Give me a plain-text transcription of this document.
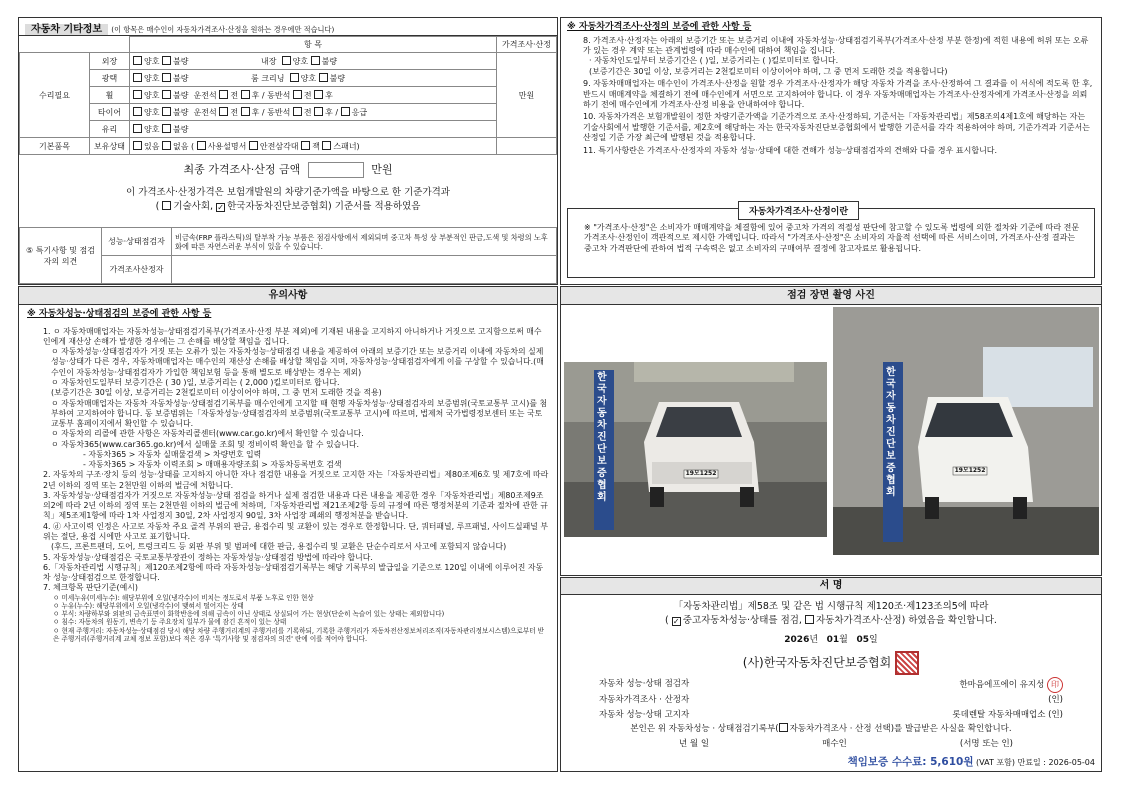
자동차 기타정보 (이 항목은 매수인이 자동차가격조사·산정을 원하는 경우에만 적습니다)
		항 목	가격조사·산정
수리필요	외장	양호 불량 내장 양호 불량	만원
	광택	양호 불량 룸 크리닝 양호 불량	
	휠	양호 불량 운전석 전 후 / 동반석 전 후	
	타이어	양호 불량 운전석 전 후 / 동반석 전 후 / 응급	
	유리	양호 불량	
기본품목	보유상태	있음 없음 ( 사용설명서 안전삼각대 잭 스패너)	
최종 가격조사·산정 금액	만원
이 가격조사·산정가격은 보험개발원의 차량기준가액을 바탕으로 한 기준가격과
( 기술사회, ✓ 한국자동차진단보증협회) 기준서를 적용하였음
⑤ 특기사항 및 점검자의 의견	성능·상태점검자	비금속(FRP 플라스틱)의 탈부착 가능 부품은 점검사항에서 제외되며 중고차 특성 상 부분적인 판금,도색 및 차령의 노후화에 따른 자연스러운 부식이 있을 수 있습니다.
	가격조사산정자	
※ 자동차가격조사·산정의 보증에 관한 사항 등
8. 가격조사·산정자는 아래의 보증기간 또는 보증거리 이내에 자동차성능·상태점검기록부(가격조사·산정 부분 한정)에 적힌 내용에 허위 또는 오류가 있는 경우 계약 또는 관계법령에 따라 매수인에 대하여 책임을 집니다.
· 자동차인도일부터 보증기간은 ( )일, 보증거리는 ( )킬로미터로 합니다.
(보증기간은 30일 이상, 보증거리는 2천킬로미터 이상이어야 하며, 그 중 먼저 도래한 것을 적용합니다)
9. 자동차매매업자는 매수인이 가격조사·산정을 원할 경우 가격조사·산정자가 해당 자동차 가격을 조사·산정하여 그 결과를 이 서식에 적도록 한 후, 반드시 매매계약을 체결하기 전에 매수인에게 서면으로 고지하여야 합니다. 이 경우 자동차매매업자는 가격조사·산정자에게 가격조사·산정을 의뢰하기 전에 매수인에게 가격조사·산정 비용을 안내하여야 합니다.
10. 자동차가격은 보험개발원이 정한 차량기준가액을 기준가격으로 조사·산정하되, 기준서는「자동차관리법」제58조의4제1호에 해당하는 자는 기술사회에서 발행한 기준서를, 제2호에 해당하는 자는 한국자동차진단보증협회에서 발행한 기준서를 각각 적용하여야 하며, 기준가격과 기준서는 산정일 기준 가장 최근에 발행된 것을 적용합니다.
11. 특기사항란은 가격조사·산정자의 자동차 성능·상태에 대한 견해가 성능·상태점검자의 견해와 다를 경우 표시합니다.
자동차가격조사·산정이란
※ "가격조사·산정"은 소비자가 매매계약을 체결함에 있어 중고차 가격의 적절성 판단에 참고할 수 있도록 법령에 의한 절차와 기준에 따라 전문 가격조사·산정인이 객관적으로 제시한 가액입니다. 따라서 "가격조사·산정"은 소비자의 자율적 선택에 따른 서비스이며, 가격조사·산정 결과는 중고차 가격판단에 관하여 법적 구속력은 없고 소비자의 구매여부 결정에 참고자료로 활용됩니다.
유의사항
※ 자동차성능·상태점검의 보증에 관한 사항 등
1. ㅇ 자동차매매업자는 자동차성능·상태점검기록부(가격조사·산정 부분 제외)에 기재된 내용을 고지하지 아니하거나 거짓으로 고지함으로써 매수인에게 재산상 손해가 발생한 경우에는 그 손해를 배상할 책임을 집니다.
ㅇ 자동차성능·상태점검자가 거짓 또는 오류가 있는 자동차성능·상태점검 내용을 제공하여 아래의 보증기간 또는 보증거리 이내에 자동차의 실제 성능·상태가 다른 경우, 자동차매매업자는 매수인의 재산상 손해를 배상할 책임을 지며, 자동차성능·상태점검자에게 이를 구상할 수 있습니다.(매수인이 자동차성능·상태점검자가 가입한 책임보험 등을 통해 별도로 배상받는 경우는 제외)
ㅇ 자동차인도일부터 보증기간은 ( 30 )일, 보증거리는 ( 2,000 )킬로미터로 합니다.
(보증기간은 30일 이상, 보증거리는 2천킬로미터 이상이어야 하며, 그 중 먼저 도래한 것을 적용)
ㅇ 자동차매매업자는 자동차 자동차성능·상태점검기록부를 매수인에게 고지할 때 현행 자동차성능·상태점검자의 보증범위(국토교통부 고시)를 첨부하여 고지하여야 합니다. 동 보증범위는「자동차성능·상태점검자의 보증범위(국토교통부 고시)에 따르며, 법제처 국가법령정보센터 또는 국토교통부 홈페이지에서 확인할 수 있습니다.
ㅇ 자동차의 리콜에 관한 사항은 자동차리콜센터(www.car.go.kr)에서 확인할 수 있습니다.
ㅇ 자동차365(www.car365.go.kr)에서 실매물 조회 및 정비이력 확인을 할 수 있습니다.
- 자동차365 > 자동차 실매물검색 > 차량번호 입력
- 자동차365 > 자동차 이력조회 > 매매용자량조회 > 자동차등록번호 검색
2. 자동차의 구조·장치 등의 성능·상태를 고지하지 아니한 자나 점검한 내용을 거짓으로 고지한 자는「자동차관리법」제80조제6호 및 제7호에 따라 2년 이하의 징역 또는 2천만원 이하의 벌금에 처합니다.
3. 자동차성능·상태점검자가 거짓으로 자동차성능·상태 점검을 하거나 실제 점검한 내용과 다른 내용을 제공한 경우「자동차관리법」제80조제9조의2에 따라 2년 이하의 징역 또는 2천만원 이하의 벌금에 처하며,「자동차관리법 제21조제2항 등의 규정에 따른 행정처분의 기준과 절차에 관한 규칙」제5조제1항에 따라 1차 사업정지 30일, 2차 사업정지 90일, 3차 사업장 폐쇄의 행정처분을 받습니다.
4. ⓓ 사고이력 인정은 사고로 자동차 주요 골격 부위의 판금, 용접수리 및 교환이 있는 경우로 한정합니다. 단, 쿼터패널, 루프패널, 사이드실패널 부위는 절단, 용접 시에만 사고로 표기합니다.
(후드, 프론트펜더, 도어, 트렁크리드 등 외판 부위 및 범퍼에 대한 판금, 용접수리 및 교환은 단순수리로서 사고에 포함되지 않습니다)
5. 자동차성능·상태점검은 국토교통부장관이 정하는 자동차성능·상태점검 방법에 따라야 합니다.
6.「자동차관리법 시행규칙」제120조제2항에 따라 자동차성능·상태점검기록부는 해당 기록부의 발급일을 기준으로 120일 이내에 이루어진 자동차 성능·상태점검으로 한정합니다.
7. 체크항목 판단기준(예시)
ㅇ 미세누유(미세누수): 해당부위에 오일(냉각수)이 비치는 정도로서 부품 노후로 인한 현상
ㅇ 누유(누수): 해당부위에서 오일(냉각수)이 맺혀서 떨어지는 상태
ㅇ 부식: 차량하부와 외판의 금속표면이 화학반응에 의해 금속이 아닌 상태로 상실되어 가는 현상(단순히 녹슬어 있는 상태는 제외합니다)
ㅇ 침수: 자동차의 원동기, 변속기 등 주요장치 일부가 물에 잠긴 흔적이 있는 상태
ㅇ 현재 주행거리: 자동차성능·상태점검 당시 해당 차량 주행거리계의 주행거리를 기록하되, 기록한 주행거리가 자동차전산정보처리조직(자동차관리정보시스템)으로부터 받은 주행거리(주행거리계 교체 정보 포함)보다 적은 경우 '특기사항 및 점검자의 의견' 란에 이를 적어야 합니다.
점검 장면 촬영 사진
한국자동차진단보증협회
19모1252
한국자동차진단보증협회
19모1252
서 명
「자동차관리법」제58조 및 같은 법 시행규칙 제120조·제123조의5에 따라
( ✓ 중고자동차성능·상태를 점검, 자동차가격조사·산정) 하였음을 확인합니다.
2026년 01월 05일
(사)한국자동차진단보증협회
자동차 성능·상태 점검자	한마음에프에이 유지성 印
자동차가격조사 · 산정자	(인)
자동차 성능·상태 고지자	롯데렌탈 자동차매매업소 (인)
본인은 위 자동차성능 · 상태점검기록부( 자동차가격조사 · 산정 선택)를 발급받은 사실을 확인합니다.
년 월 일	매수인	(서명 또는 인)
책임보증 수수료: 5,610원 (VAT 포함) 만료일 : 2026-05-04
